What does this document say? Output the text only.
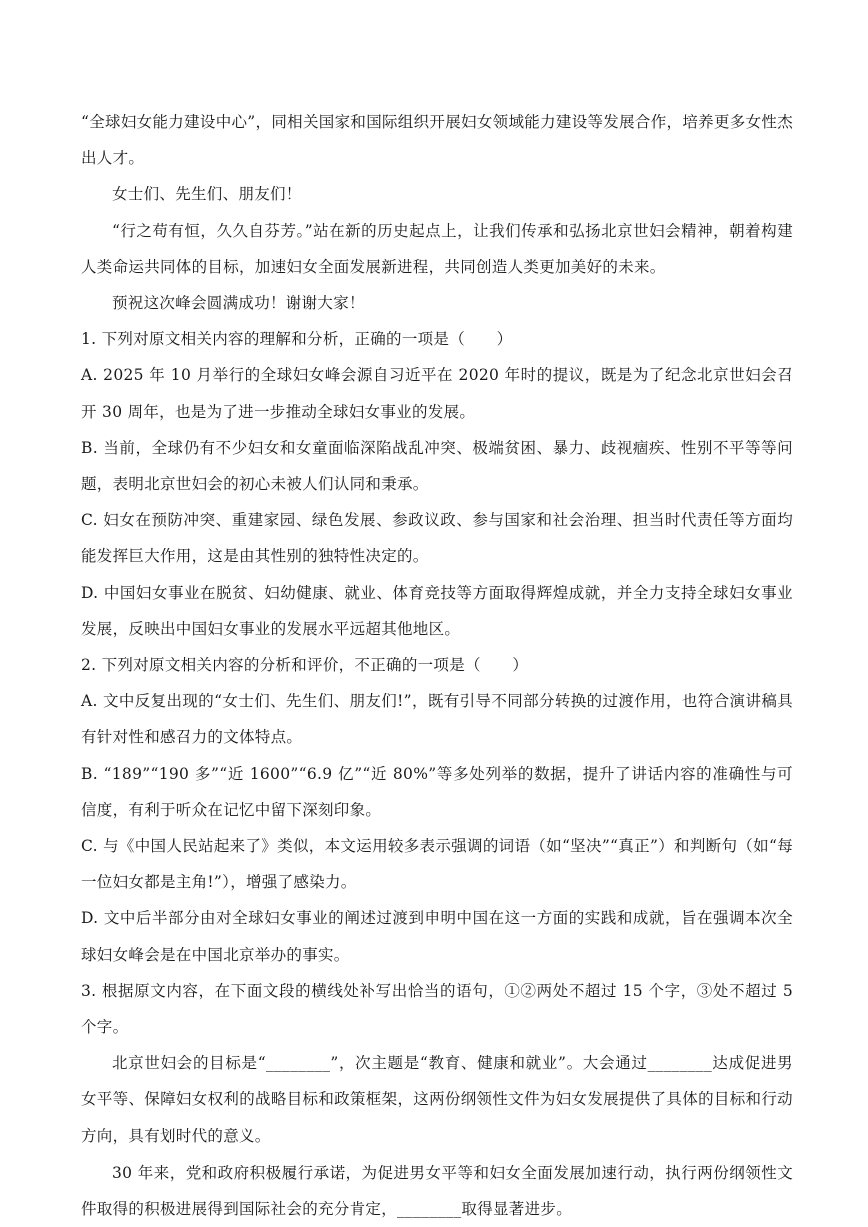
“全球妇女能力建设中心”，同相关国家和国际组织开展妇女领域能力建设等发展合作，培养更多女性杰出人才。

女士们、先生们、朋友们！

“行之苟有恒，久久自芬芳。”站在新的历史起点上，让我们传承和弘扬北京世妇会精神，朝着构建人类命运共同体的目标，加速妇女全面发展新进程，共同创造人类更加美好的未来。

预祝这次峰会圆满成功！谢谢大家！

1. 下列对原文相关内容的理解和分析，正确的一项是（　　）

A. 2025 年 10 月举行的全球妇女峰会源自习近平在 2020 年时的提议，既是为了纪念北京世妇会召开 30 周年，也是为了进一步推动全球妇女事业的发展。

B. 当前，全球仍有不少妇女和女童面临深陷战乱冲突、极端贫困、暴力、歧视痼疾、性别不平等等问题，表明北京世妇会的初心未被人们认同和秉承。

C. 妇女在预防冲突、重建家园、绿色发展、参政议政、参与国家和社会治理、担当时代责任等方面均能发挥巨大作用，这是由其性别的独特性决定的。

D. 中国妇女事业在脱贫、妇幼健康、就业、体育竞技等方面取得辉煌成就，并全力支持全球妇女事业发展，反映出中国妇女事业的发展水平远超其他地区。

2. 下列对原文相关内容的分析和评价，不正确的一项是（　　）

A. 文中反复出现的“女士们、先生们、朋友们!”，既有引导不同部分转换的过渡作用，也符合演讲稿具有针对性和感召力的文体特点。

B. “189”“190 多”“近 1600”“6.9 亿”“近 80%”等多处列举的数据，提升了讲话内容的准确性与可信度，有利于听众在记忆中留下深刻印象。

C. 与《中国人民站起来了》类似，本文运用较多表示强调的词语（如“坚决”“真正”）和判断句（如“每一位妇女都是主角!”），增强了感染力。

D. 文中后半部分由对全球妇女事业的阐述过渡到申明中国在这一方面的实践和成就，旨在强调本次全球妇女峰会是在中国北京举办的事实。

3. 根据原文内容，在下面文段的横线处补写出恰当的语句，①②两处不超过 15 个字，③处不超过 5 个字。

北京世妇会的目标是“________”，次主题是“教育、健康和就业”。大会通过________达成促进男女平等、保障妇女权利的战略目标和政策框架，这两份纲领性文件为妇女发展提供了具体的目标和行动方向，具有划时代的意义。

30 年来，党和政府积极履行承诺，为促进男女平等和妇女全面发展加速行动，执行两份纲领性文件取得的积极进展得到国际社会的充分肯定，________取得显著进步。
